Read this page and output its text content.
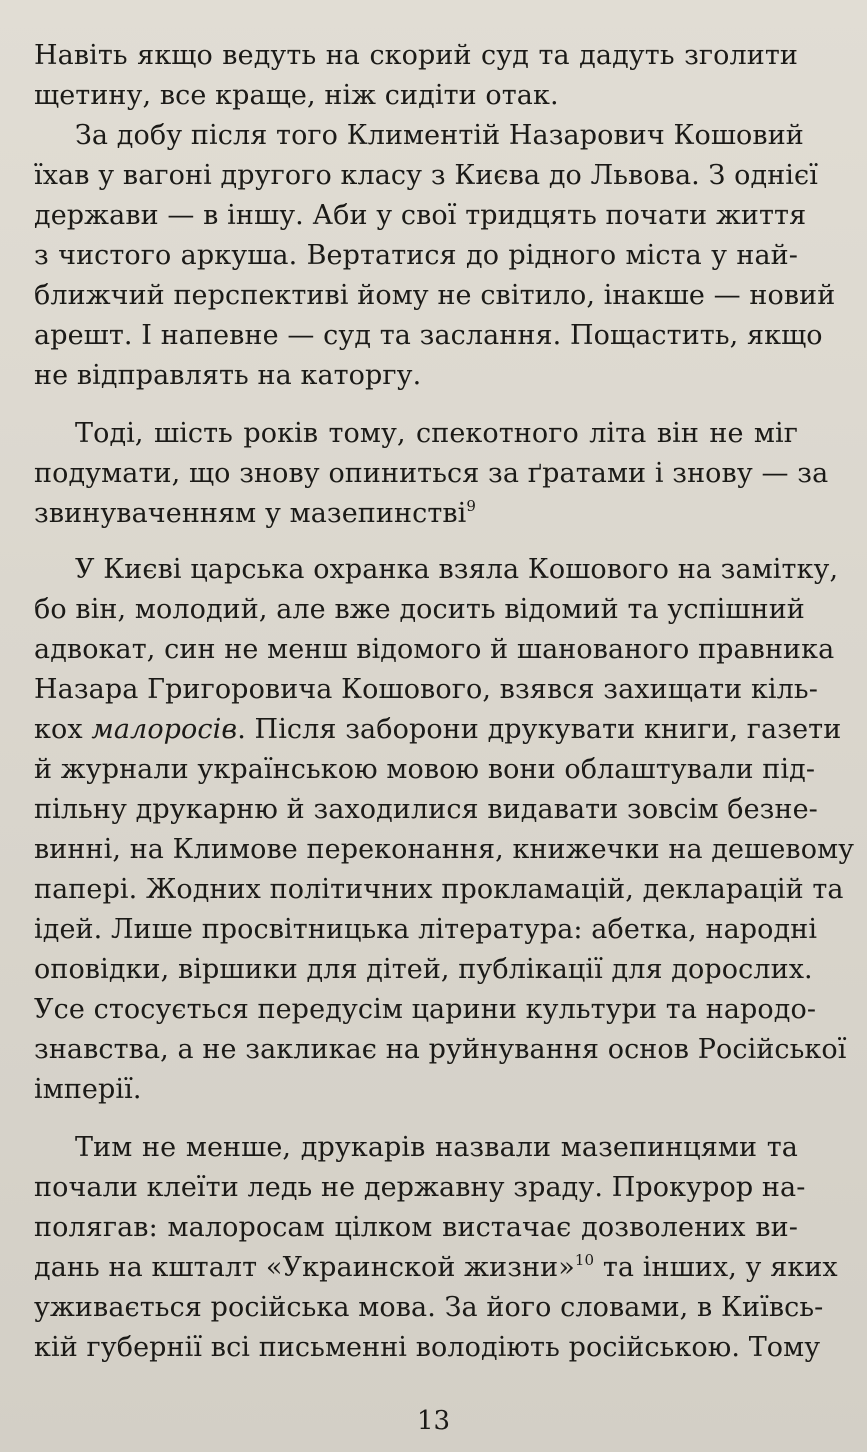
Навіть якщо ведуть на скорий суд та дадуть зголити
щетину, все краще, ніж сидіти отак.
За добу після того Климентій Назарович Кошовий
їхав у вагоні другого класу з Києва до Львова. З однієї
держави — в іншу. Аби у свої тридцять почати життя
з чистого аркуша. Вертатися до рідного міста у най-
ближчий перспективі йому не світило, інакше — новий
арешт. І напевне — суд та заслання. Пощастить, якщо
не відправлять на каторгу.
Тоді, шість років тому, спекотного літа він не міг
подумати, що знову опиниться за ґратами і знову — за
звинуваченням у мазепинстві$^9$
У Києві царська охранка взяла Кошового на замітку,
бо він, молодий, але вже досить відомий та успішний
адвокат, син не менш відомого й шанованого правника
Назара Григоровича Кошового, взявся захищати кіль-
кох малоросів. Після заборони друкувати книги, газети
й журнали українською мовою вони облаштували під-
пільну друкарню й заходилися видавати зовсім безне-
винні, на Климове переконання, книжечки на дешевому
папері. Жодних політичних прокламацій, декларацій та
ідей. Лише просвітницька література: абетка, народні
оповідки, віршики для дітей, публікації для дорослих.
Усе стосується передусім царини культури та народо-
знавства, а не закликає на руйнування основ Російської
імперії.
Тим не менше, друкарів назвали мазепинцями та
почали клеїти ледь не державну зраду. Прокурор на-
полягав: малоросам цілком вистачає дозволених ви-
дань на кшталт «Украинской жизни»$^{10}$ та інших, у яких
уживається російська мова. За його словами, в Київсь-
кій губернії всі письменні володіють російською. Тому
13
